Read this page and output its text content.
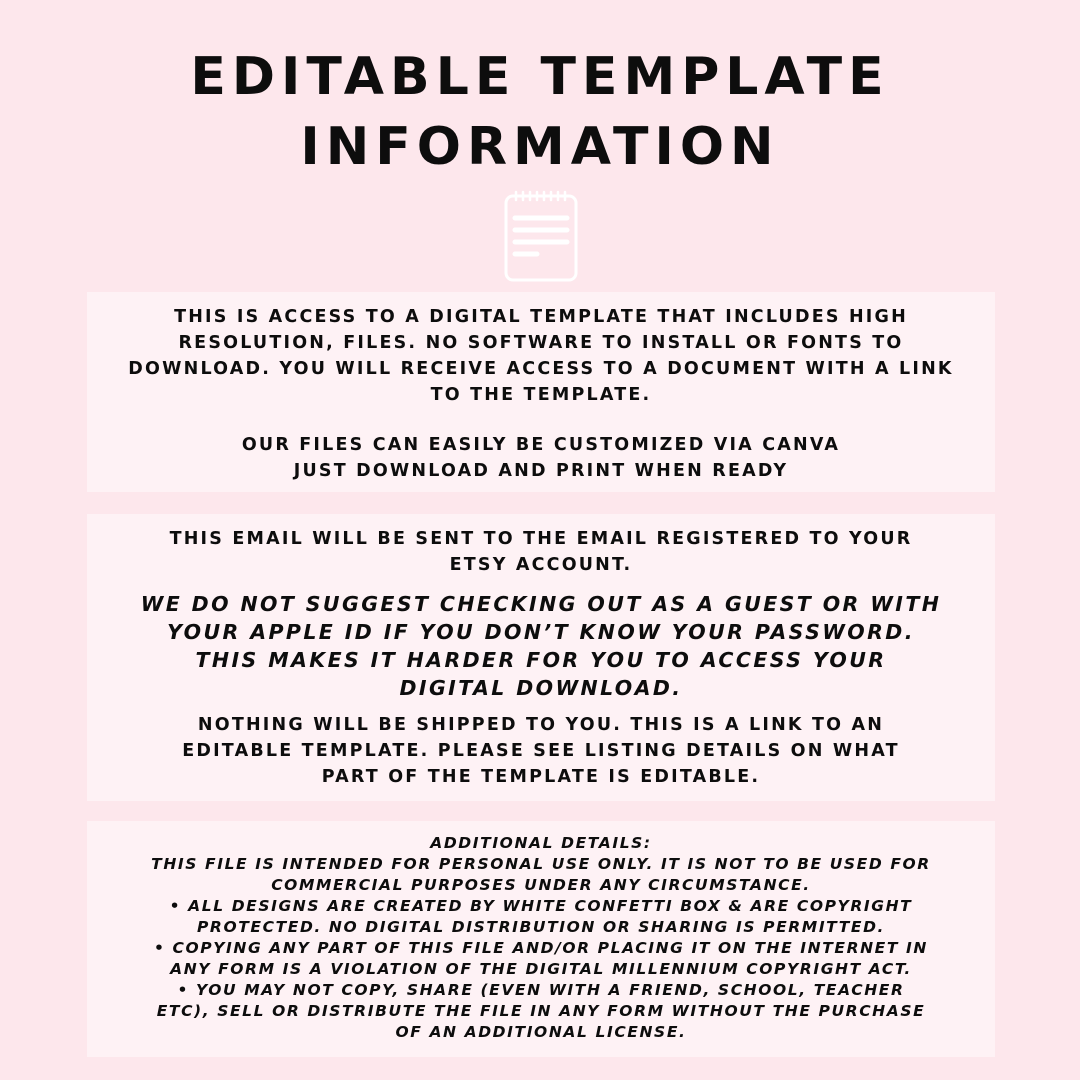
EDITABLE TEMPLATE
INFORMATION

THIS IS ACCESS TO A DIGITAL TEMPLATE THAT INCLUDES HIGH
RESOLUTION, FILES. NO SOFTWARE TO INSTALL OR FONTS TO
DOWNLOAD. YOU WILL RECEIVE ACCESS TO A DOCUMENT WITH A LINK
TO THE TEMPLATE.

OUR FILES CAN EASILY BE CUSTOMIZED VIA CANVA
JUST DOWNLOAD AND PRINT WHEN READY

THIS EMAIL WILL BE SENT TO THE EMAIL REGISTERED TO YOUR
ETSY ACCOUNT.

WE DO NOT SUGGEST CHECKING OUT AS A GUEST OR WITH
YOUR APPLE ID IF YOU DON’T KNOW YOUR PASSWORD.
THIS MAKES IT HARDER FOR YOU TO ACCESS YOUR
DIGITAL DOWNLOAD.

NOTHING WILL BE SHIPPED TO YOU. THIS IS A LINK TO AN
EDITABLE TEMPLATE. PLEASE SEE LISTING DETAILS ON WHAT
PART OF THE TEMPLATE IS EDITABLE.

ADDITIONAL DETAILS:
THIS FILE IS INTENDED FOR PERSONAL USE ONLY. IT IS NOT TO BE USED FOR
COMMERCIAL PURPOSES UNDER ANY CIRCUMSTANCE.
• ALL DESIGNS ARE CREATED BY WHITE CONFETTI BOX & ARE COPYRIGHT
PROTECTED. NO DIGITAL DISTRIBUTION OR SHARING IS PERMITTED.
• COPYING ANY PART OF THIS FILE AND/OR PLACING IT ON THE INTERNET IN
ANY FORM IS A VIOLATION OF THE DIGITAL MILLENNIUM COPYRIGHT ACT.
• YOU MAY NOT COPY, SHARE (EVEN WITH A FRIEND, SCHOOL, TEACHER
ETC), SELL OR DISTRIBUTE THE FILE IN ANY FORM WITHOUT THE PURCHASE
OF AN ADDITIONAL LICENSE.
